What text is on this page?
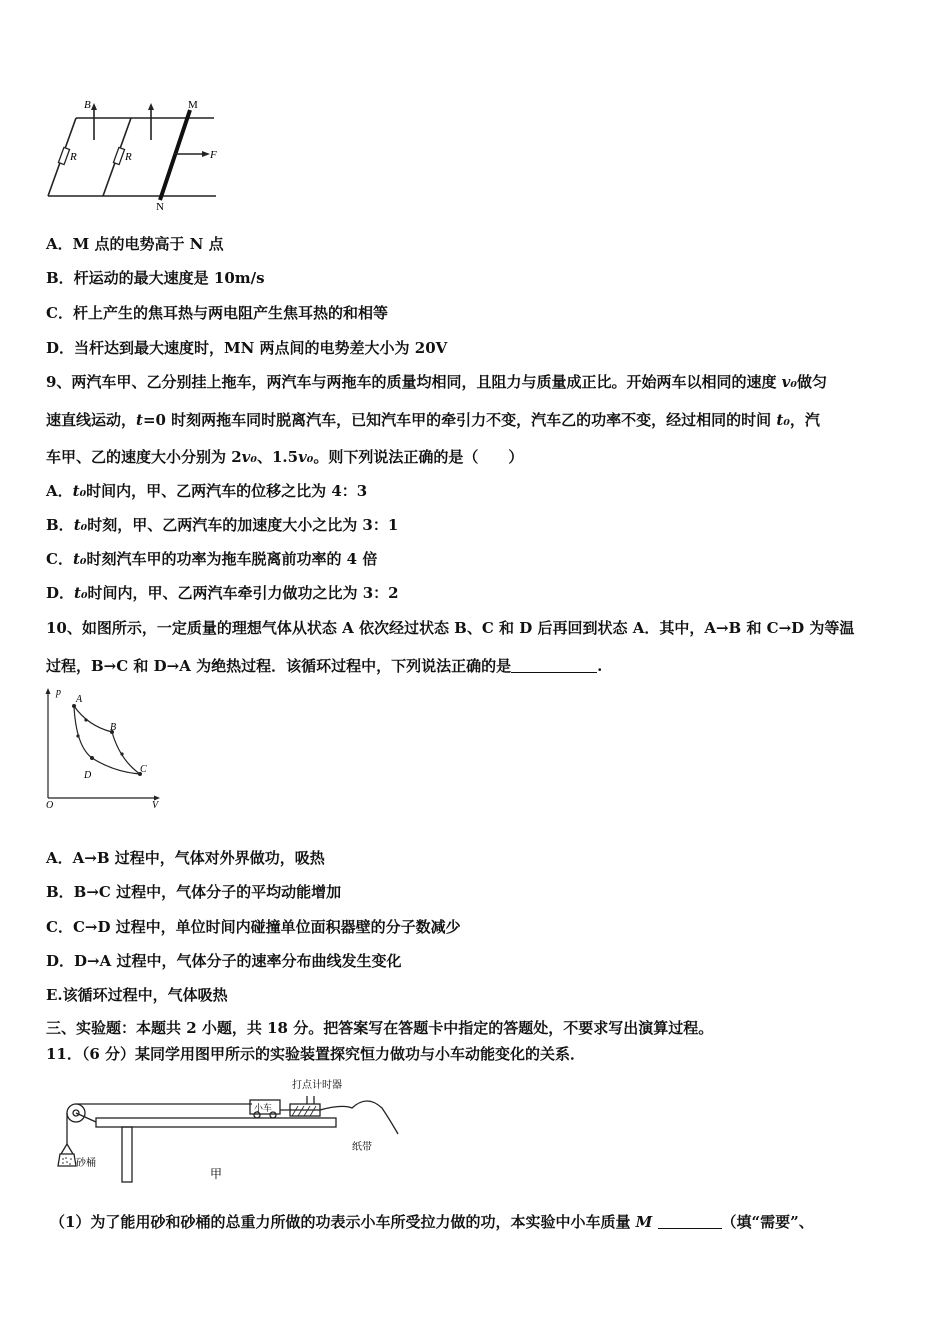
B	M
N
F
R	R
A．M 点的电势高于 N 点
B．杆运动的最大速度是 10m/s
C．杆上产生的焦耳热与两电阻产生焦耳热的和相等
D．当杆达到最大速度时，MN 两点间的电势差大小为 20V
9、两汽车甲、乙分别挂上拖车，两汽车与两拖车的质量均相同，且阻力与质量成正比。开始两车以相同的速度 v₀做匀
速直线运动，t=0 时刻两拖车同时脱离汽车，已知汽车甲的牵引力不变，汽车乙的功率不变，经过相同的时间 t₀，汽
车甲、乙的速度大小分别为 2v₀、1.5v₀。则下列说法正确的是（　　）
A．t₀时间内，甲、乙两汽车的位移之比为 4：3
B．t₀时刻，甲、乙两汽车的加速度大小之比为 3：1
C．t₀时刻汽车甲的功率为拖车脱离前功率的 4 倍
D．t₀时间内，甲、乙两汽车牵引力做功之比为 3：2
10、如图所示，一定质量的理想气体从状态 A 依次经过状态 B、C 和 D 后再回到状态 A．其中，A→B 和 C→D 为等温
过程，B→C 和 D→A 为绝热过程．该循环过程中，下列说法正确的是	.
p
V
O
A
B
C
D
A．A→B 过程中，气体对外界做功，吸热
B．B→C 过程中，气体分子的平均动能增加
C．C→D 过程中，单位时间内碰撞单位面积器壁的分子数减少
D．D→A 过程中，气体分子的速率分布曲线发生变化
E.该循环过程中，气体吸热
三、实验题：本题共 2 小题，共 18 分。把答案写在答题卡中指定的答题处，不要求写出演算过程。
11．（6 分）某同学用图甲所示的实验装置探究恒力做功与小车动能变化的关系．
打点计时器
小车
纸带
砂桶
甲
（1）为了能用砂和砂桶的总重力所做的功表示小车所受拉力做的功，本实验中小车质量 M	（填“需要”、
